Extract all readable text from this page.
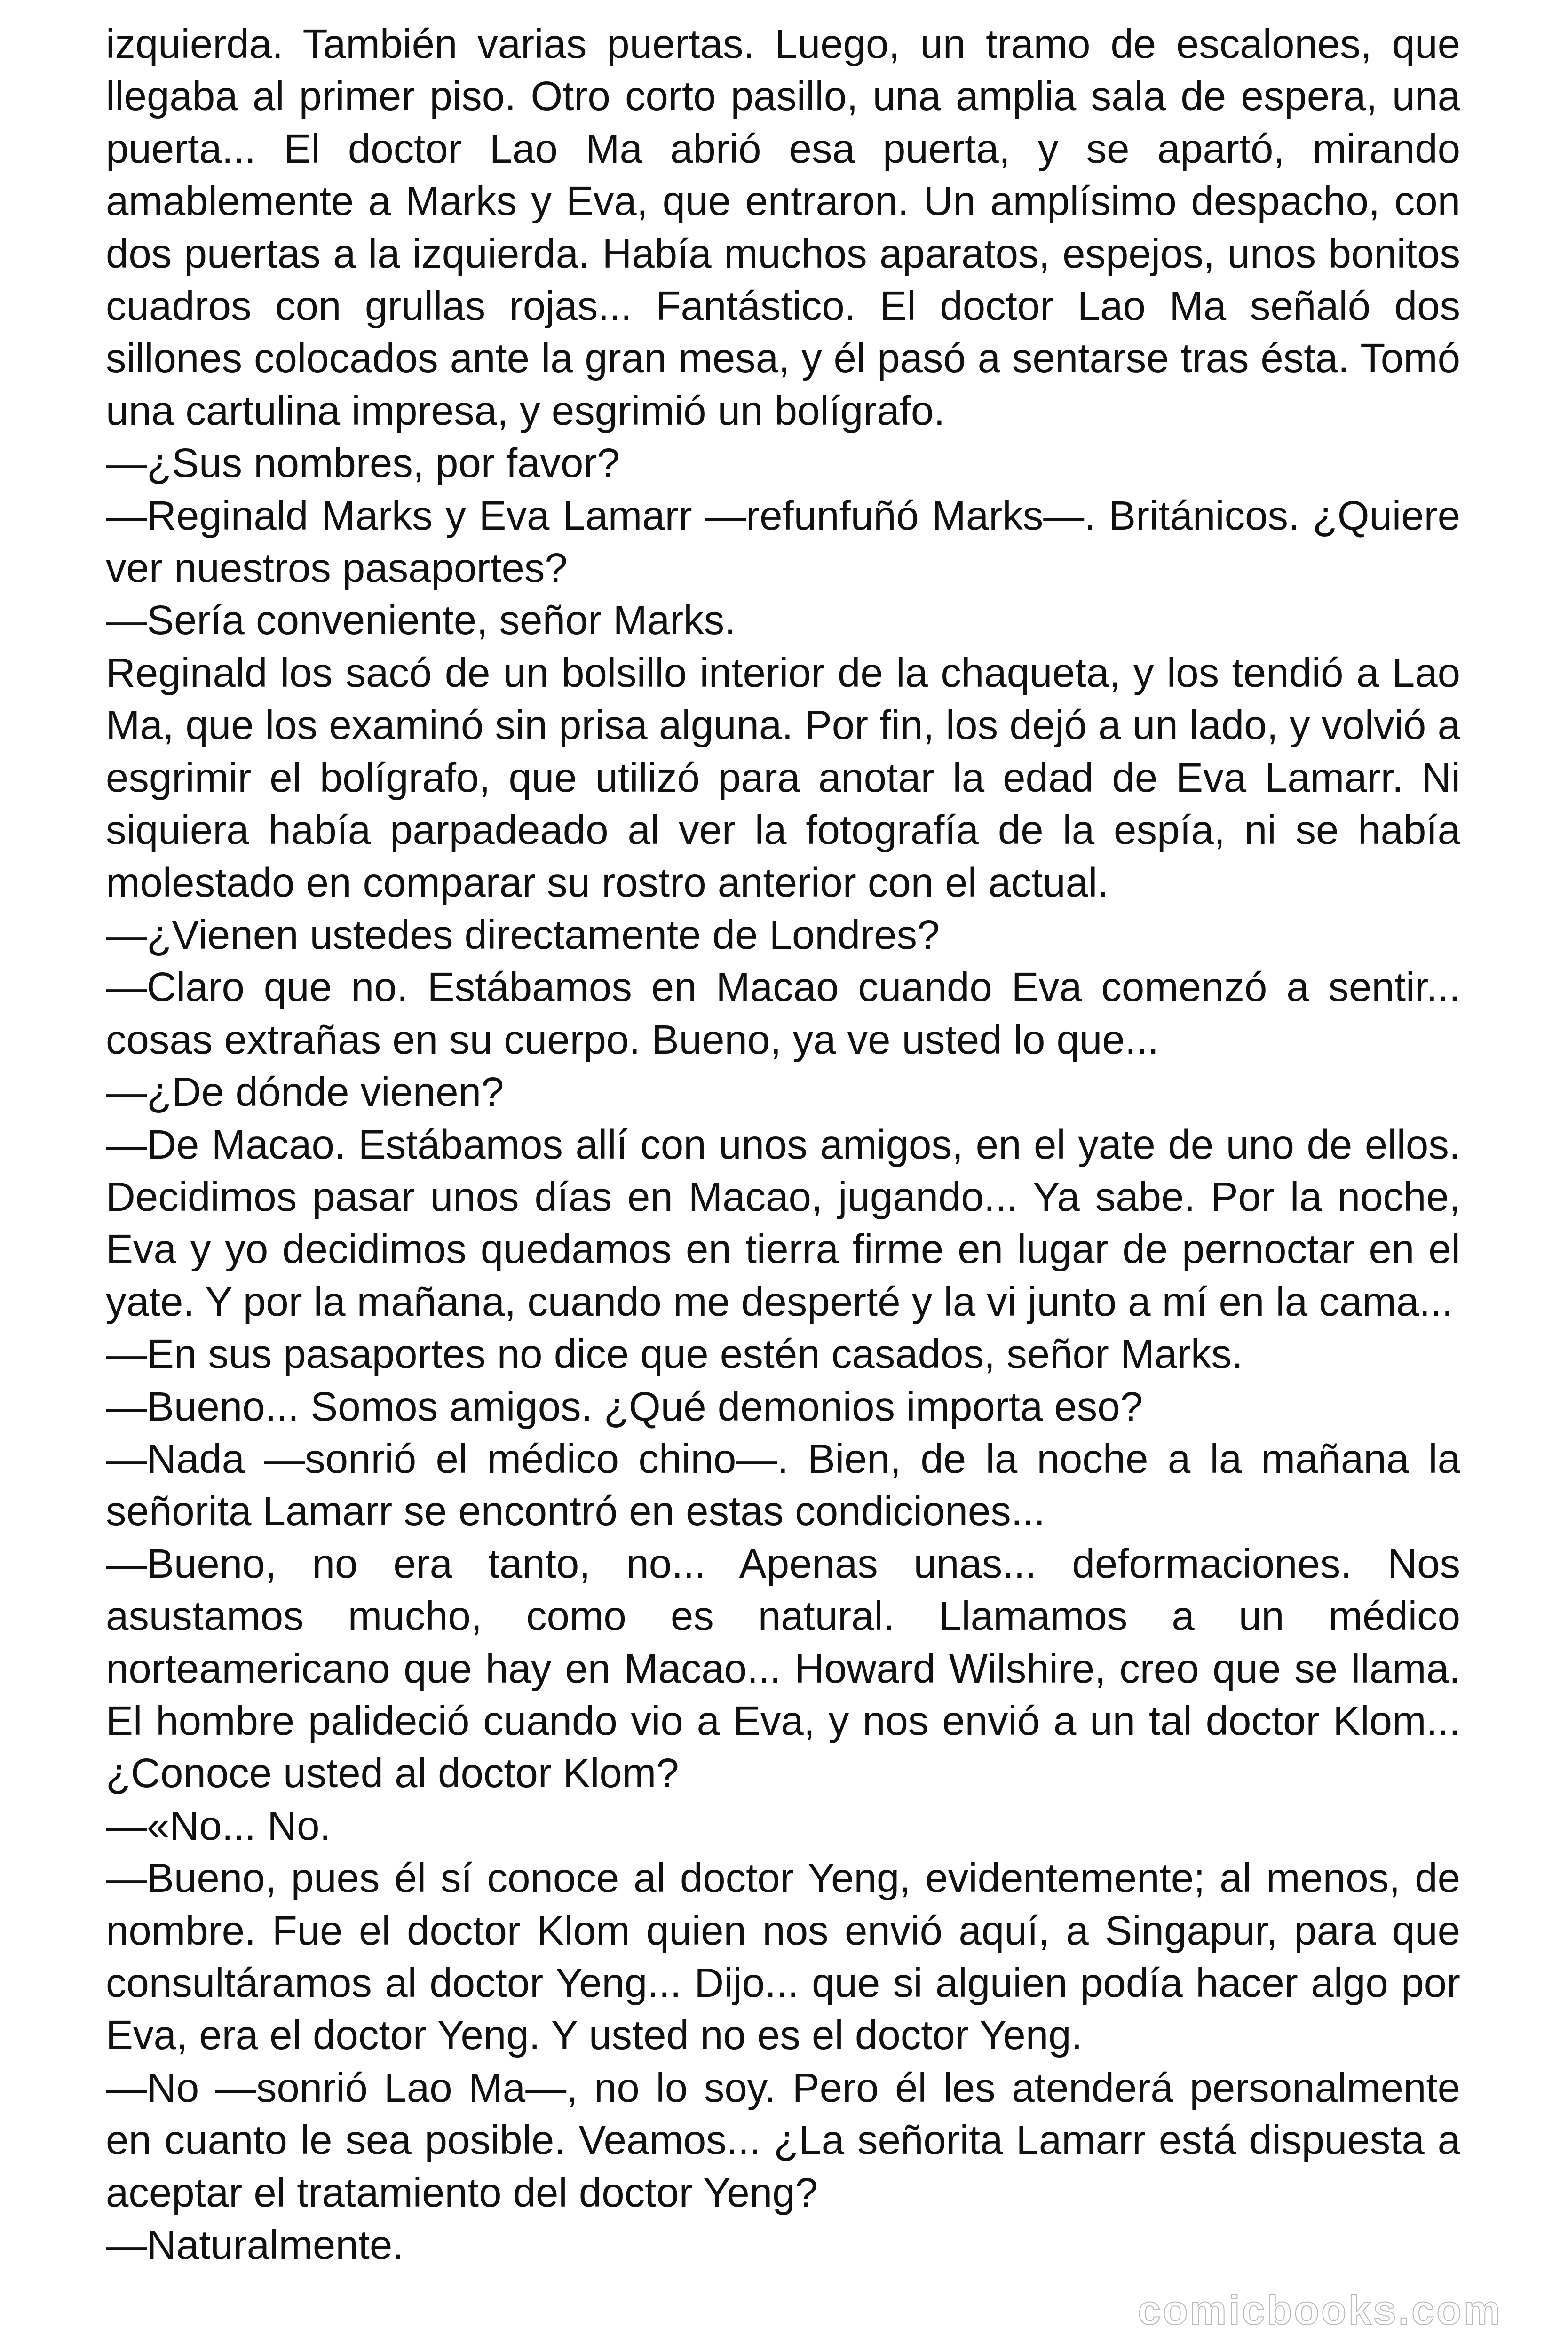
izquierda. También varias puertas. Luego, un tramo de escalones, que llegaba al primer piso. Otro corto pasillo, una amplia sala de espera, una puerta... El doctor Lao Ma abrió esa puerta, y se apartó, mirando amablemente a Marks y Eva, que entraron. Un amplísimo despacho, con dos puertas a la izquierda. Había muchos aparatos, espejos, unos bonitos cuadros con grullas rojas... Fantástico. El doctor Lao Ma señaló dos sillones colocados ante la gran mesa, y él pasó a sentarse tras ésta. Tomó una cartulina impresa, y esgrimió un bolígrafo.

—¿Sus nombres, por favor?

—Reginald Marks y Eva Lamarr —refunfuñó Marks—. Británicos. ¿Quiere ver nuestros pasaportes?

—Sería conveniente, señor Marks.

Reginald los sacó de un bolsillo interior de la chaqueta, y los tendió a Lao Ma, que los examinó sin prisa alguna. Por fin, los dejó a un lado, y volvió a esgrimir el bolígrafo, que utilizó para anotar la edad de Eva Lamarr. Ni siquiera había parpadeado al ver la fotografía de la espía, ni se había molestado en comparar su rostro anterior con el actual.

—¿Vienen ustedes directamente de Londres?

—Claro que no. Estábamos en Macao cuando Eva comenzó a sentir... cosas extrañas en su cuerpo. Bueno, ya ve usted lo que...

—¿De dónde vienen?

—De Macao. Estábamos allí con unos amigos, en el yate de uno de ellos. Decidimos pasar unos días en Macao, jugando... Ya sabe. Por la noche, Eva y yo decidimos quedamos en tierra firme en lugar de pernoctar en el yate. Y por la mañana, cuando me desperté y la vi junto a mí en la cama...

—En sus pasaportes no dice que estén casados, señor Marks.

—Bueno... Somos amigos. ¿Qué demonios importa eso?

—Nada —sonrió el médico chino—. Bien, de la noche a la mañana la señorita Lamarr se encontró en estas condiciones...

—Bueno, no era tanto, no... Apenas unas... deformaciones. Nos asustamos mucho, como es natural. Llamamos a un médico norteamericano que hay en Macao... Howard Wilshire, creo que se llama. El hombre palideció cuando vio a Eva, y nos envió a un tal doctor Klom... ¿Conoce usted al doctor Klom?

—«No... No.

—Bueno, pues él sí conoce al doctor Yeng, evidentemente; al menos, de nombre. Fue el doctor Klom quien nos envió aquí, a Singapur, para que consultáramos al doctor Yeng... Dijo... que si alguien podía hacer algo por Eva, era el doctor Yeng. Y usted no es el doctor Yeng.

—No —sonrió Lao Ma—, no lo soy. Pero él les atenderá personalmente en cuanto le sea posible. Veamos... ¿La señorita Lamarr está dispuesta a aceptar el tratamiento del doctor Yeng?

—Naturalmente.

comicbooks.com
